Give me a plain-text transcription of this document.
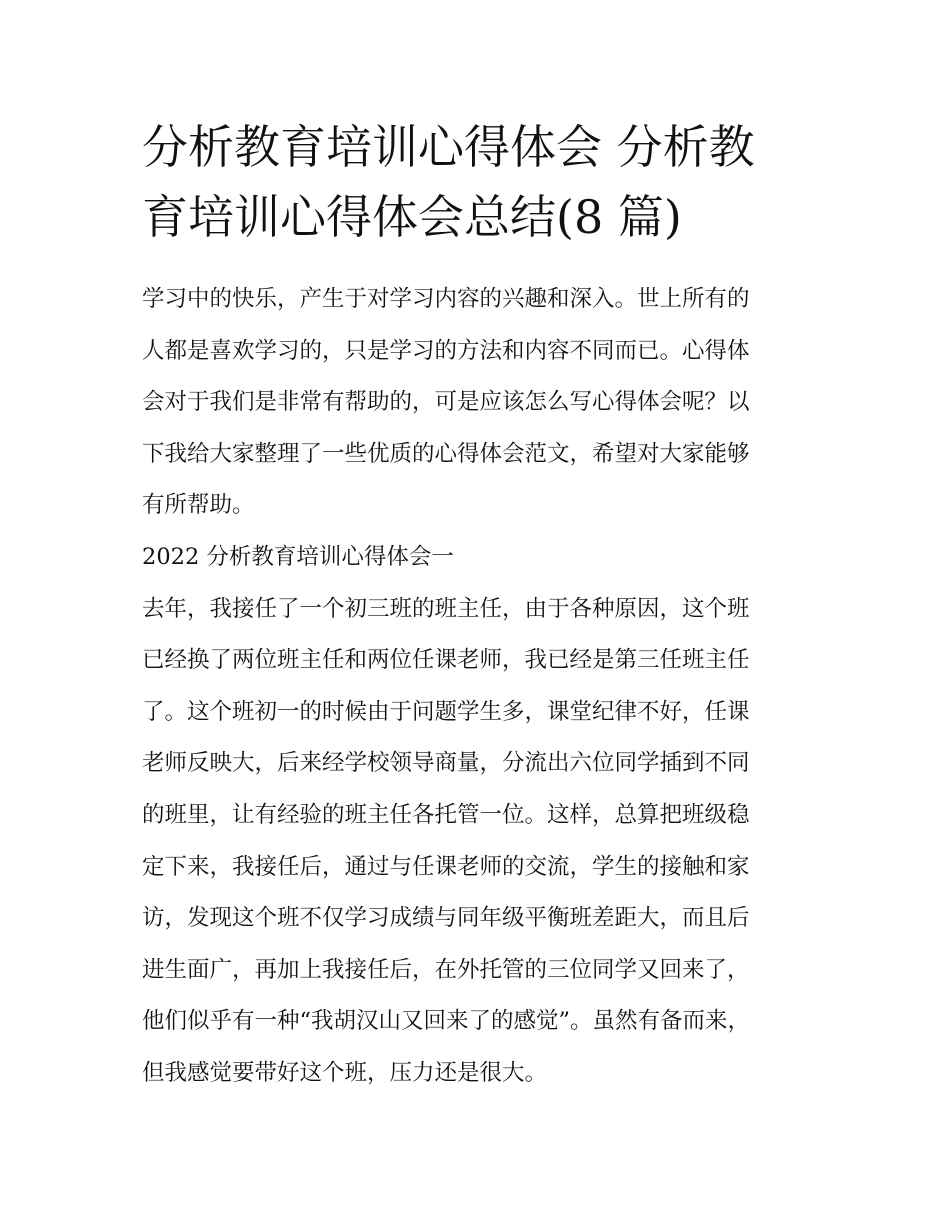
分析教育培训心得体会 分析教
育培训心得体会总结(8 篇)

学习中的快乐，产生于对学习内容的兴趣和深入。世上所有的
人都是喜欢学习的，只是学习的方法和内容不同而已。心得体
会对于我们是非常有帮助的，可是应该怎么写心得体会呢？以
下我给大家整理了一些优质的心得体会范文，希望对大家能够
有所帮助。

2022 分析教育培训心得体会一

去年，我接任了一个初三班的班主任，由于各种原因，这个班
已经换了两位班主任和两位任课老师，我已经是第三任班主任
了。这个班初一的时候由于问题学生多，课堂纪律不好，任课
老师反映大，后来经学校领导商量，分流出六位同学插到不同
的班里，让有经验的班主任各托管一位。这样，总算把班级稳
定下来，我接任后，通过与任课老师的交流，学生的接触和家
访，发现这个班不仅学习成绩与同年级平衡班差距大，而且后
进生面广，再加上我接任后，在外托管的三位同学又回来了，
他们似乎有一种“我胡汉山又回来了的感觉”。虽然有备而来，
但我感觉要带好这个班，压力还是很大。
